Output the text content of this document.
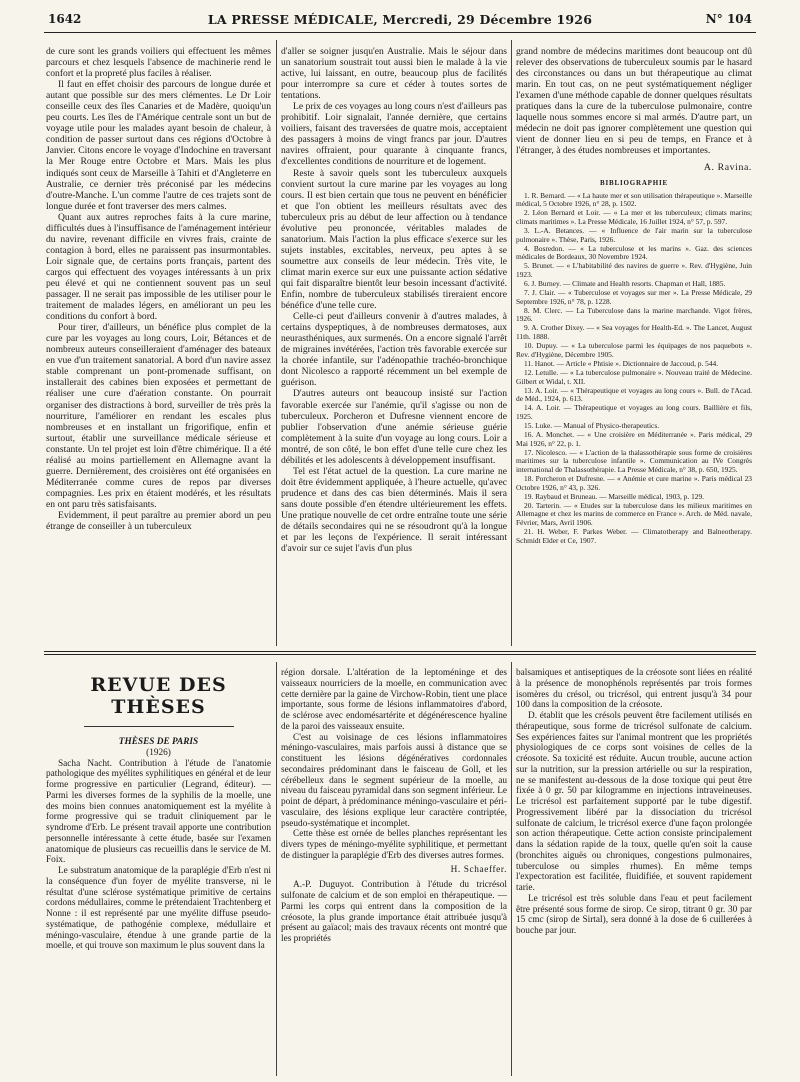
1642	LA PRESSE MÉDICALE, Mercredi, 29 Décembre 1926	N° 104

de cure sont les grands voiliers qui effectuent les mêmes parcours et chez lesquels l'absence de machinerie rend le confort et la propreté plus faciles à réaliser.

Il faut en effet choisir des parcours de longue durée et autant que possible sur des mers clémentes. Le Dr Loir conseille ceux des îles Canaries et de Madère, quoiqu'un peu courts. Les îles de l'Amérique centrale sont un but de voyage utile pour les malades ayant besoin de chaleur, à condition de passer surtout dans ces régions d'Octobre à Janvier. Citons encore le voyage d'Indochine en traversant la Mer Rouge entre Octobre et Mars. Mais les plus indiqués sont ceux de Marseille à Tahiti et d'Angleterre en Australie, ce dernier très préconisé par les médecins d'outre-Manche. L'un comme l'autre de ces trajets sont de longue durée et font traverser des mers calmes.

Quant aux autres reproches faits à la cure marine, difficultés dues à l'insuffisance de l'aménagement intérieur du navire, revenant difficile en vivres frais, crainte de contagion à bord, elles ne paraissent pas insurmontables. Loir signale que, de certains ports français, partent des cargos qui effectuent des voyages intéressants à un prix peu élevé et qui ne contiennent souvent pas un seul passager. Il ne serait pas impossible de les utiliser pour le traitement de malades légers, en améliorant un peu les conditions du confort à bord.

Pour tirer, d'ailleurs, un bénéfice plus complet de la cure par les voyages au long cours, Loir, Bétances et de nombreux auteurs conseilleraient d'aménager des bateaux en vue d'un traitement sanatorial. A bord d'un navire assez stable comprenant un pont-promenade suffisant, on installerait des cabines bien exposées et permettant de réaliser une cure d'aération constante. On pourrait organiser des distractions à bord, surveiller de très près la nourriture, l'améliorer en rendant les escales plus nombreuses et en installant un frigorifique, enfin et surtout, établir une surveillance médicale sérieuse et constante. Un tel projet est loin d'être chimérique. Il a été réalisé au moins partiellement en Allemagne avant la guerre. Dernièrement, des croisières ont été organisées en Méditerranée comme cures de repos par diverses compagnies. Les prix en étaient modérés, et les résultats en ont paru très satisfaisants.

Evidemment, il peut paraître au premier abord un peu étrange de conseiller à un tuberculeux

d'aller se soigner jusqu'en Australie. Mais le séjour dans un sanatorium soustrait tout aussi bien le malade à la vie active, lui laissant, en outre, beaucoup plus de facilités pour interrompre sa cure et céder à toutes sortes de tentations.

Le prix de ces voyages au long cours n'est d'ailleurs pas prohibitif. Loir signalait, l'année dernière, que certains voiliers, faisant des traversées de quatre mois, acceptaient des passagers à moins de vingt francs par jour. D'autres navires offraient, pour quarante à cinquante francs, d'excellentes conditions de nourriture et de logement.

Reste à savoir quels sont les tuberculeux auxquels convient surtout la cure marine par les voyages au long cours. Il est bien certain que tous ne peuvent en bénéficier et que l'on obtient les meilleurs résultats avec des tuberculeux pris au début de leur affection ou à tendance évolutive peu prononcée, véritables malades de sanatorium. Mais l'action la plus efficace s'exerce sur les sujets instables, excitables, nerveux, peu aptes à se soumettre aux conseils de leur médecin. Très vite, le climat marin exerce sur eux une puissante action sédative qui fait disparaître bientôt leur besoin incessant d'activité. Enfin, nombre de tuberculeux stabilisés tireraient encore bénéfice d'une telle cure.

Celle-ci peut d'ailleurs convenir à d'autres malades, à certains dyspeptiques, à de nombreuses dermatoses, aux neurasthéniques, aux surmenés. On a encore signalé l'arrêt de migraines invétérées, l'action très favorable exercée sur la chorée infantile, sur l'adénopathie trachéo-bronchique dont Nicolesco a rapporté récemment un bel exemple de guérison.

D'autres auteurs ont beaucoup insisté sur l'action favorable exercée sur l'anémie, qu'il s'agisse ou non de tuberculeux. Porcheron et Dufresne viennent encore de publier l'observation d'une anémie sérieuse guérie complètement à la suite d'un voyage au long cours. Loir a montré, de son côté, le bon effet d'une telle cure chez les débilités et les adolescents à développement insuffisant.

Tel est l'état actuel de la question. La cure marine ne doit être évidemment appliquée, à l'heure actuelle, qu'avec prudence et dans des cas bien déterminés. Mais il sera sans doute possible d'en étendre ultérieurement les effets. Une pratique nouvelle de cet ordre entraîne toute une série de détails secondaires qui ne se résoudront qu'à la longue et par les leçons de l'expérience. Il serait intéressant d'avoir sur ce sujet l'avis d'un plus

grand nombre de médecins maritimes dont beaucoup ont dû relever des observations de tuberculeux soumis par le hasard des circonstances ou dans un but thérapeutique au climat marin. En tout cas, on ne peut systématiquement négliger l'examen d'une méthode capable de donner quelques résultats pratiques dans la cure de la tuberculose pulmonaire, contre laquelle nous sommes encore si mal armés. D'autre part, un médecin ne doit pas ignorer complètement une question qui vient de donner lieu en si peu de temps, en France et à l'étranger, à des études nombreuses et importantes.

A. Ravina.

BIBLIOGRAPHIE

1. R. Bernard. — « La haute mer et son utilisation thérapeutique ». Marseille médical, 5 Octobre 1926, n° 28, p. 1502.

2. Léon Bernard et Loir. — « La mer et les tuberculeux; climats marins; climats maritimes ». La Presse Médicale, 16 Juillet 1924, n° 57, p. 597.

3. L.-A. Betances. — « Influence de l'air marin sur la tuberculose pulmonaire ». Thèse, Paris, 1926.

4. Bosredon. — « La tuberculose et les marins ». Gaz. des sciences médicales de Bordeaux, 30 Novembre 1924.

5. Brunet. — « L'habitabilité des navires de guerre ». Rev. d'Hygiène, Juin 1923.

6. J. Burney. — Climate and Health resorts. Chapman et Hall, 1885.

7. J. Clair. — « Tuberculose et voyages sur mer ». La Presse Médicale, 29 Septembre 1926, n° 78, p. 1228.

8. M. Clerc. — La Tuberculose dans la marine marchande. Vigot frères, 1926.

9. A. Crother Dixey. — « Sea voyages for Health-Ed. ». The Lancet, August 11th. 1888.

10. Dupuy. — « La tuberculose parmi les équipages de nos paquebots ». Rev. d'Hygiène, Décembre 1905.

11. Hanot. — Article « Phtisie ». Dictionnaire de Jaccoud, p. 544.

12. Letulle. — « La tuberculose pulmonaire ». Nouveau traité de Médecine. Gilbert et Widal, t. XII.

13. A. Loir. — « Thérapeutique et voyages au long cours ». Bull. de l'Acad. de Méd., 1924, p. 613.

14. A. Loir. — Thérapeutique et voyages au long cours. Baillière et fils, 1925.

15. Luke. — Manual of Physico-therapeutics.

16. A. Monchet. — « Une croisière en Méditerranée ». Paris médical, 29 Mai 1926, n° 22, p. 1.

17. Nicolesco. — « L'action de la thalassothérapie sous forme de croisières maritimes sur la tuberculose infantile ». Communication au IVe Congrès international de Thalassothérapie. La Presse Médicale, n° 38, p. 650, 1925.

18. Porcheron et Dufresne. — « Anémie et cure marine ». Paris médical 23 Octobre 1926, n° 43, p. 326.

19. Raybaud et Bruneau. — Marseille médical, 1903, p. 129.

20. Tarterin. — « Etudes sur la tuberculose dans les milieux maritimes en Allemagne et chez les marins de commerce en France ». Arch. de Méd. navale, Février, Mars, Avril 1906.

21. H. Weber, F. Parkes Weber. — Climatotherapy and Balneotherapy. Schmidt Elder et Ce, 1907.

REVUE DES THÈSES

THÈSES DE PARIS

(1926)

Sacha Nacht. Contribution à l'étude de l'anatomie pathologique des myélites syphilitiques en général et de leur forme progressive en particulier (Legrand, éditeur). — Parmi les diverses formes de la syphilis de la moelle, une des moins bien connues anatomiquement est la myélite à forme progressive qui se traduit cliniquement par le syndrome d'Erb. Le présent travail apporte une contribution personnelle intéressante à cette étude, basée sur l'examen anatomique de plusieurs cas recueillis dans le service de M. Foix.

Le substratum anatomique de la paraplégie d'Erb n'est ni la conséquence d'un foyer de myélite transverse, ni le résultat d'une sclérose systématique primitive de certains cordons médullaires, comme le prétendaient Trachtenberg et Nonne : il est représenté par une myélite diffuse pseudo-systématique, de pathogénie complexe, médullaire et méningo-vasculaire, étendue à une grande partie de la moelle, et qui trouve son maximum le plus souvent dans la

région dorsale. L'altération de la leptoméninge et des vaisseaux nourriciers de la moelle, en communication avec cette dernière par la gaine de Virchow-Robin, tient une place importante, sous forme de lésions inflammatoires d'abord, de sclérose avec endomésartérite et dégénérescence hyaline de la paroi des vaisseaux ensuite.

C'est au voisinage de ces lésions inflammatoires méningo-vasculaires, mais parfois aussi à distance que se constituent les lésions dégénératives cordonnales secondaires prédominant dans le faisceau de Goll, et les cérébelleux dans le segment supérieur de la moelle, au niveau du faisceau pyramidal dans son segment inférieur. Le point de départ, à prédominance méningo-vasculaire et péri-vasculaire, des lésions explique leur caractère contriptée, pseudo-systématique et incomplet.

Cette thèse est ornée de belles planches représentant les divers types de méningo-myélite syphilitique, et permettant de distinguer la paraplégie d'Erb des diverses autres formes.

H. Schaeffer.

A.-P. Duguyot. Contribution à l'étude du tricrésol sulfonate de calcium et de son emploi en thérapeutique. — Parmi les corps qui entrent dans la composition de la créosote, la plus grande importance était attribuée jusqu'à présent au gaïacol; mais des travaux récents ont montré que les propriétés

balsamiques et antiseptiques de la créosote sont liées en réalité à la présence de monophénols représentés par trois formes isomères du crésol, ou tricrésol, qui entrent jusqu'à 34 pour 100 dans la composition de la créosote.

D. établit que les crésols peuvent être facilement utilisés en thérapeutique, sous forme de tricrésol sulfonate de calcium. Ses expériences faites sur l'animal montrent que les propriétés physiologiques de ce corps sont voisines de celles de la créosote. Sa toxicité est réduite. Aucun trouble, aucune action sur la nutrition, sur la pression artérielle ou sur la respiration, ne se manifestent au-dessous de la dose toxique qui peut être fixée à 0 gr. 50 par kilogramme en injections intraveineuses. Le tricrésol est parfaitement supporté par le tube digestif. Progressivement libéré par la dissociation du tricrésol sulfonate de calcium, le tricrésol exerce d'une façon prolongée son action thérapeutique. Cette action consiste principalement dans la sédation rapide de la toux, quelle qu'en soit la cause (bronchites aiguës ou chroniques, congestions pulmonaires, tuberculose ou simples rhumes). En même temps l'expectoration est facilitée, fluidifiée, et souvent rapidement tarie.

Le tricrésol est très soluble dans l'eau et peut facilement être présenté sous forme de sirop. Ce sirop, titrant 0 gr. 30 par 15 cmc (sirop de Sirtal), sera donné à la dose de 6 cuillerées à bouche par jour.
